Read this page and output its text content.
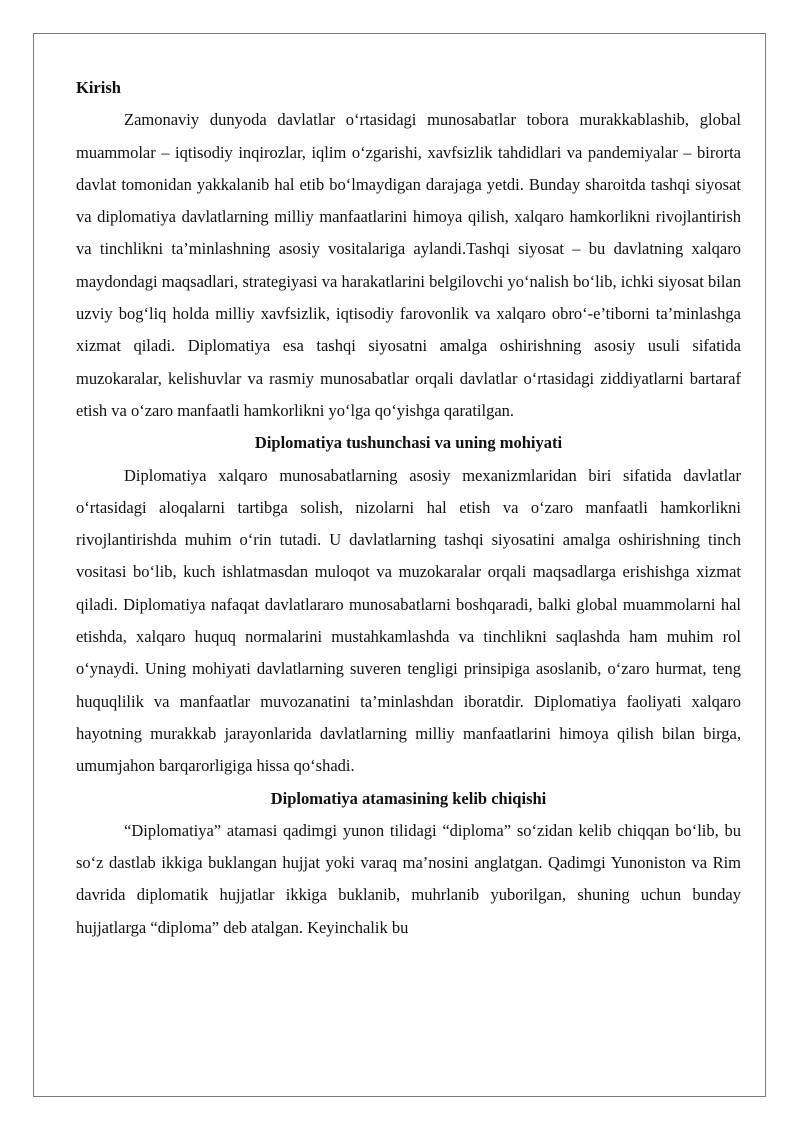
Kirish

Zamonaviy dunyoda davlatlar o‘rtasidagi munosabatlar tobora murakkablashib, global muammolar – iqtisodiy inqirozlar, iqlim o‘zgarishi, xavfsizlik tahdidlari va pandemiyalar – birorta davlat tomonidan yakkalanib hal etib bo‘lmaydigan darajaga yetdi. Bunday sharoitda tashqi siyosat va diplomatiya davlatlarning milliy manfaatlarini himoya qilish, xalqaro hamkorlikni rivojlantirish va tinchlikni ta’minlashning asosiy vositalariga aylandi.Tashqi siyosat – bu davlatning xalqaro maydondagi maqsadlari, strategiyasi va harakatlarini belgilovchi yo‘nalish bo‘lib, ichki siyosat bilan uzviy bog‘liq holda milliy xavfsizlik, iqtisodiy farovonlik va xalqaro obro‘-e’tiborni ta’minlashga xizmat qiladi. Diplomatiya esa tashqi siyosatni amalga oshirishning asosiy usuli sifatida muzokaralar, kelishuvlar va rasmiy munosabatlar orqali davlatlar o‘rtasidagi ziddiyatlarni bartaraf etish va o‘zaro manfaatli hamkorlikni yo‘lga qo‘yishga qaratilgan.

Diplomatiya tushunchasi va uning mohiyati

Diplomatiya xalqaro munosabatlarning asosiy mexanizmlaridan biri sifatida davlatlar o‘rtasidagi aloqalarni tartibga solish, nizolarni hal etish va o‘zaro manfaatli hamkorlikni rivojlantirishda muhim o‘rin tutadi. U davlatlarning tashqi siyosatini amalga oshirishning tinch vositasi bo‘lib, kuch ishlatmasdan muloqot va muzokaralar orqali maqsadlarga erishishga xizmat qiladi. Diplomatiya nafaqat davlatlararo munosabatlarni boshqaradi, balki global muammolarni hal etishda, xalqaro huquq normalarini mustahkamlashda va tinchlikni saqlashda ham muhim rol o‘ynaydi. Uning mohiyati davlatlarning suveren tengligi prinsipiga asoslanib, o‘zaro hurmat, teng huquqlilik va manfaatlar muvozanatini ta’minlashdan iboratdir. Diplomatiya faoliyati xalqaro hayotning murakkab jarayonlarida davlatlarning milliy manfaatlarini himoya qilish bilan birga, umumjahon barqarorligiga hissa qo‘shadi.

Diplomatiya atamasining kelib chiqishi

“Diplomatiya” atamasi qadimgi yunon tilidagi “diploma” so‘zidan kelib chiqqan bo‘lib, bu so‘z dastlab ikkiga buklangan hujjat yoki varaq ma’nosini anglatgan. Qadimgi Yunoniston va Rim davrida diplomatik hujjatlar ikkiga buklanib, muhrlanib yuborilgan, shuning uchun bunday hujjatlarga “diploma” deb atalgan. Keyinchalik bu
